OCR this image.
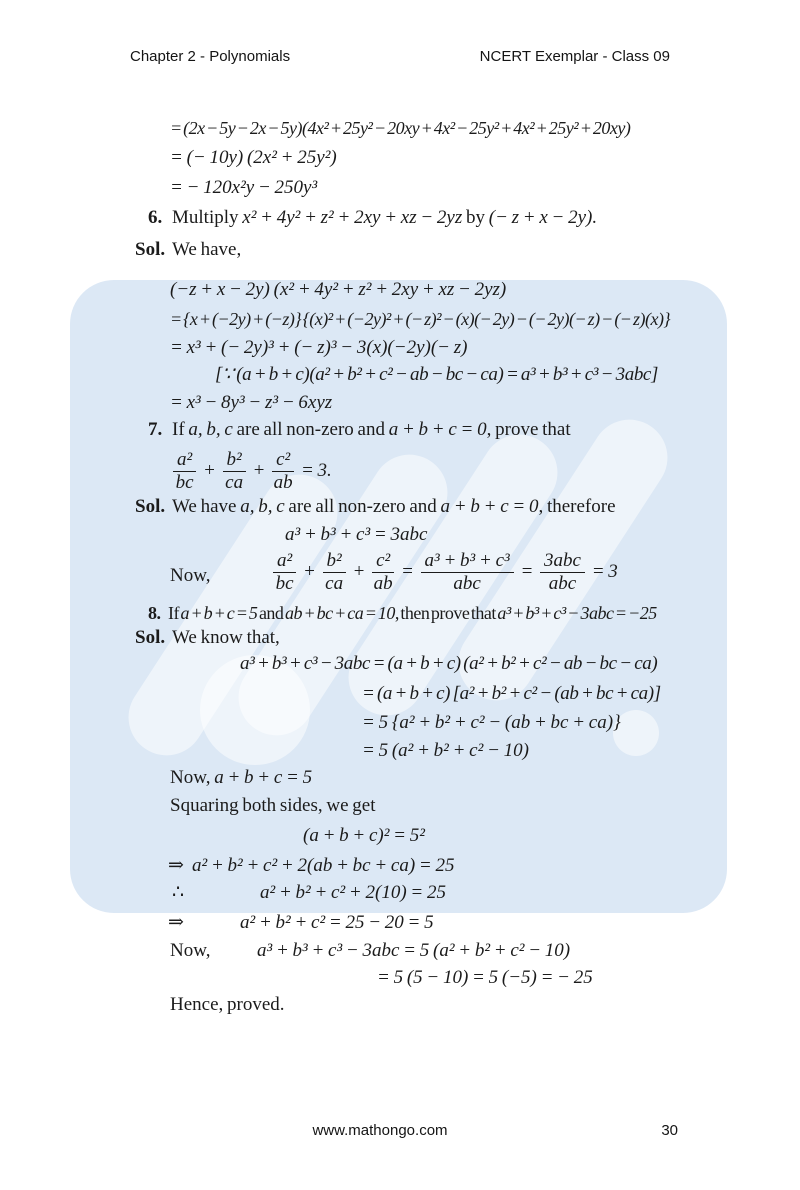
Chapter 2 - Polynomials	NCERT Exemplar - Class 09
= (2x − 5y − 2x − 5y)(4x² + 25y² − 20xy + 4x² − 25y² + 4x² + 25y² + 20xy)
= (− 10y) (2x² + 25y²)
= − 120x²y − 250y³
6. Multiply x² + 4y² + z² + 2xy + xz − 2yz by (− z + x − 2y).
Sol. We have,
(−z + x − 2y) (x² + 4y² + z² + 2xy + xz − 2yz)
= {x + (−2y) + (−z)} {(x)² + (−2y)² + (− z)² − (x)(− 2y) − (− 2y)(− z) − (− z)(x)}
= x³ + (− 2y)³ + (− z)³ − 3(x)(−2y)(− z)
[∵ (a + b + c)(a² + b² + c² − ab − bc − ca) = a³ + b³ + c³ − 3abc]
= x³ − 8y³ − z³ − 6xyz
7. If a, b, c are all non-zero and a + b + c = 0, prove that
$\frac{\text{a²}}{bc} + \frac{\text{b²}}{ca} + \frac{\text{c²}}{ab} = 3$.
Sol. We have a, b, c are all non-zero and a + b + c = 0, therefore
a³ + b³ + c³ = 3abc
Now,	$\frac{\text{a²}}{bc} + \frac{\text{b²}}{ca} + \frac{\text{c²}}{ab} = \frac{\text{a³ + b³ + c³}}{\text{abc}} = \frac{\text{3abc}}{\text{abc}} = 3$
8. If a + b + c = 5 and ab + bc + ca = 10, then prove that a³ + b³ + c³ − 3abc = −25
Sol. We know that,
a³ + b³ + c³ − 3abc = (a + b + c) (a² + b² + c² − ab − bc − ca)
= (a + b + c) [a² + b² + c² − (ab + bc + ca)]
= 5 {a² + b² + c² − (ab + bc + ca)}
= 5 (a² + b² + c² − 10)
Now, a + b + c = 5
Squaring both sides, we get
(a + b + c)² = 5²
⇒ a² + b² + c² + 2(ab + bc + ca) = 25
∴	a² + b² + c² + 2(10) = 25
⇒	a² + b² + c² = 25 − 20 = 5
Now, a³ + b³ + c³ − 3abc = 5 (a² + b² + c² − 10)
= 5 (5 − 10) = 5 (−5) = − 25
Hence, proved.
www.mathongo.com	30
